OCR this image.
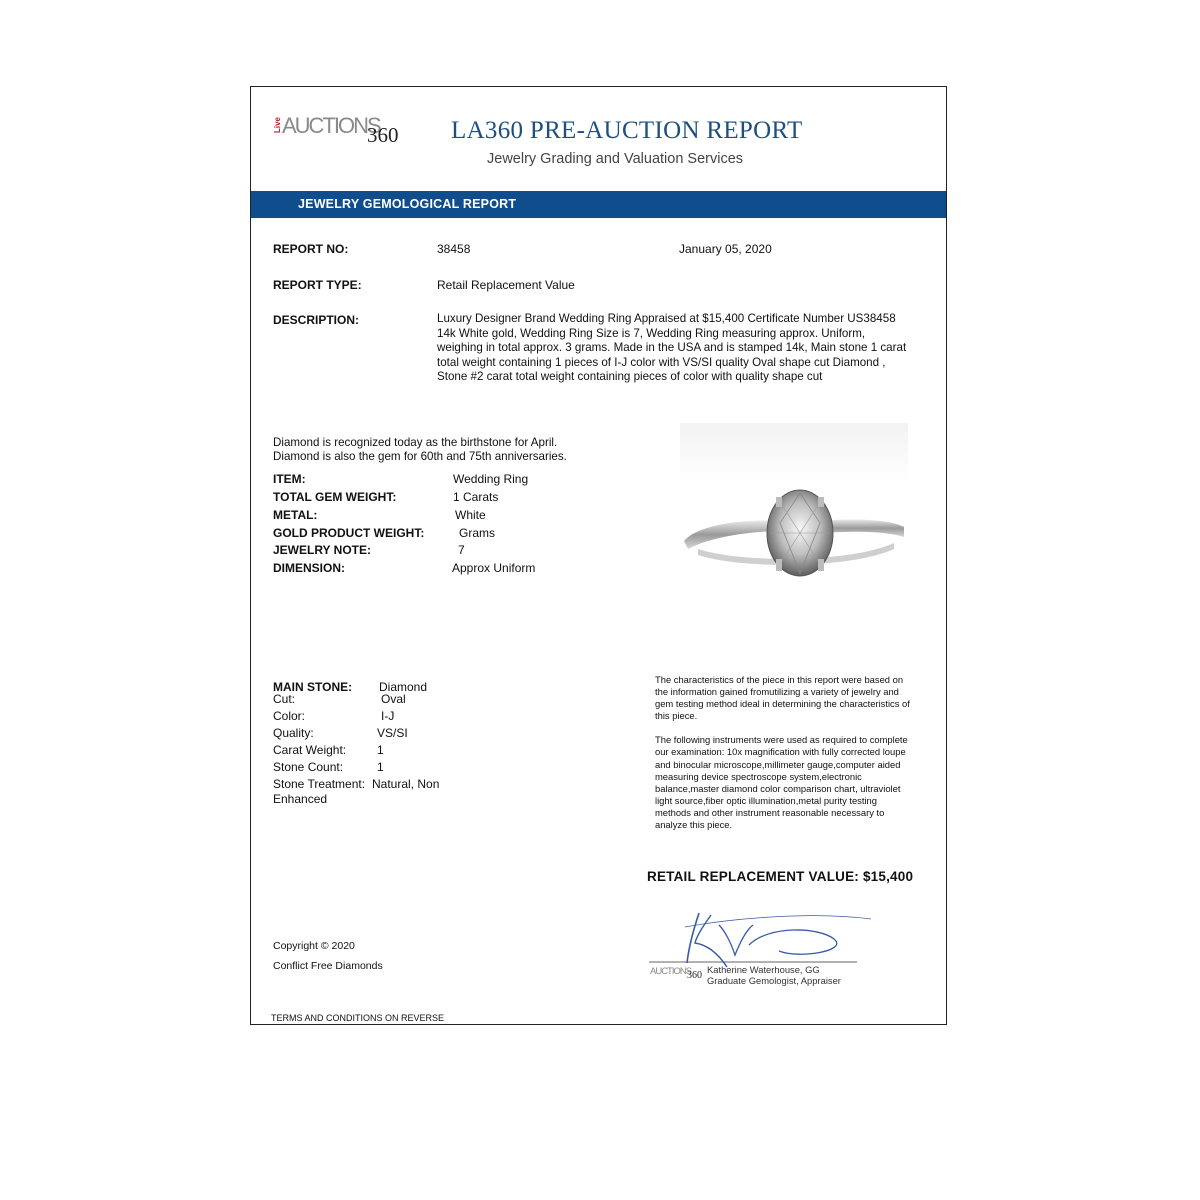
Live AUCTIONS
360 LA360 PRE-AUCTION REPORT
Jewelry Grading and Valuation Services
JEWELRY GEMOLOGICAL REPORT
REPORT NO:	38458	January 05, 2020
REPORT TYPE:	Retail Replacement Value
DESCRIPTION:	Luxury Designer Brand Wedding Ring Appraised at $15,400 Certificate Number US38458 14k White gold, Wedding Ring Size is 7, Wedding Ring measuring approx. Uniform, weighing in total approx. 3 grams. Made in the USA and is stamped 14k, Main stone 1 carat total weight containing 1 pieces of I-J color with VS/SI quality Oval shape cut Diamond , Stone #2 carat total weight containing pieces of color with quality shape cut
Diamond is recognized today as the birthstone for April.
Diamond is also the gem for 60th and 75th anniversaries.
ITEM:	Wedding Ring
TOTAL GEM WEIGHT:	1 Carats
METAL:	White
GOLD PRODUCT WEIGHT:	Grams
JEWELRY NOTE:	7
DIMENSION:	Approx Uniform
MAIN STONE: Diamond
Cut:	Oval
Color:	I-J
Quality:	VS/SI
Carat Weight:	1
Stone Count:	1
Stone Treatment: Natural, Non
Enhanced
The characteristics of the piece in this report were based on the information gained fromutilizing a variety of jewelry and gem testing method ideal in determining the characteristics of this piece.
The following instruments were used as required to complete our examination: 10x magnification with fully corrected loupe and binocular microscope,millimeter gauge,computer aided measuring device spectroscope system,electronic balance,master diamond color comparison chart, ultraviolet light source,fiber optic illumination,metal purity testing methods and other instrument reasonable necessary to analyze this piece.
RETAIL REPLACEMENT VALUE: $15,400
AUCTIONS
360
Katherine Waterhouse, GG
Graduate Gemologist, Appraiser
Copyright © 2020
Conflict Free Diamonds
TERMS AND CONDITIONS ON REVERSE
